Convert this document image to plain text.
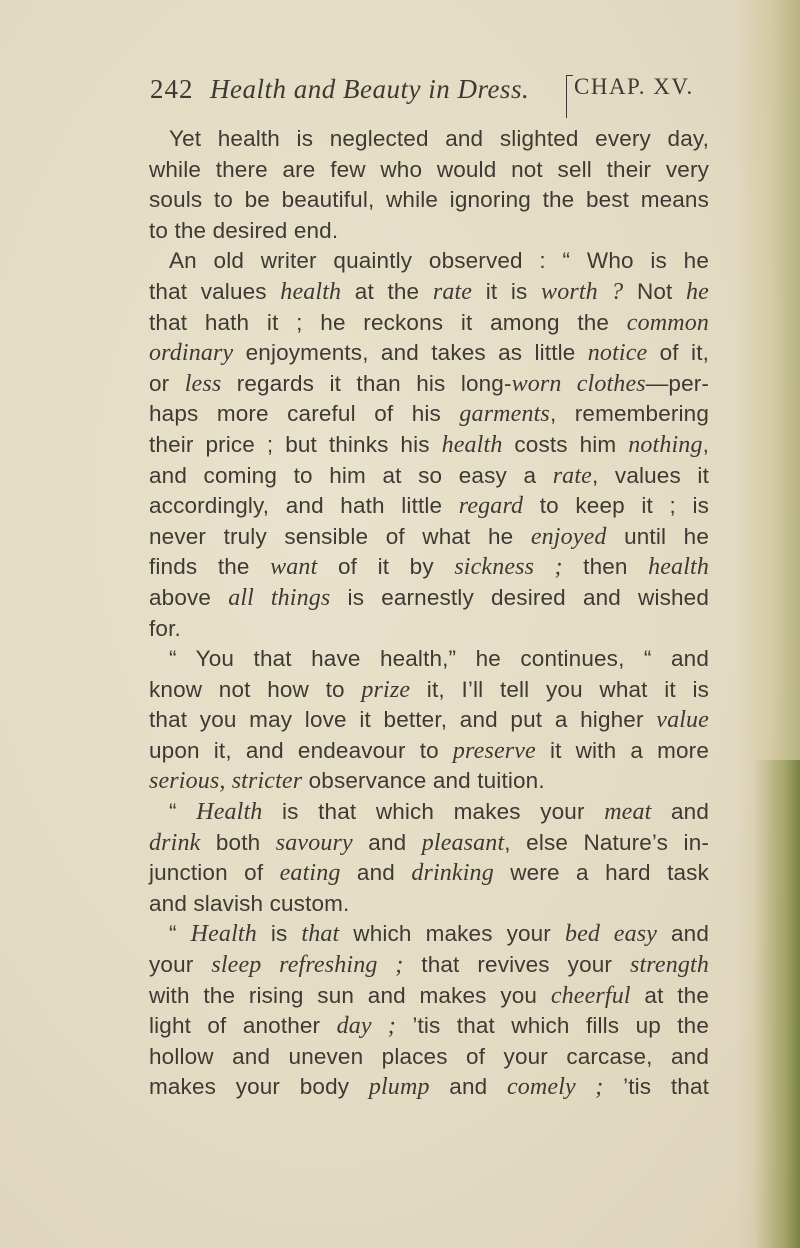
242 Health and Beauty in Dress.	CHAP. XV.
Yet health is neglected and slighted every day,
while there are few who would not sell their very
souls to be beautiful, while ignoring the best means
to the desired end.
An old writer quaintly observed : “ Who is he
that values health at the rate it is worth ? Not he
that hath it ; he reckons it among the common
ordinary enjoyments, and takes as little notice of it,
or less regards it than his long-worn clothes—per-
haps more careful of his garments, remembering
their price ; but thinks his health costs him nothing,
and coming to him at so easy a rate, values it
accordingly, and hath little regard to keep it ; is
never truly sensible of what he enjoyed until he
finds the want of it by sickness ; then health
above all things is earnestly desired and wished
for.
“ You that have health,” he continues, “ and
know not how to prize it, I’ll tell you what it is
that you may love it better, and put a higher value
upon it, and endeavour to preserve it with a more
serious, stricter observance and tuition.
“ Health is that which makes your meat and
drink both savoury and pleasant, else Nature’s in-
junction of eating and drinking were a hard task
and slavish custom.
“ Health is that which makes your bed easy and
your sleep refreshing ; that revives your strength
with the rising sun and makes you cheerful at the
light of another day ; ’tis that which fills up the
hollow and uneven places of your carcase, and
makes your body plump and comely ; ’tis that
